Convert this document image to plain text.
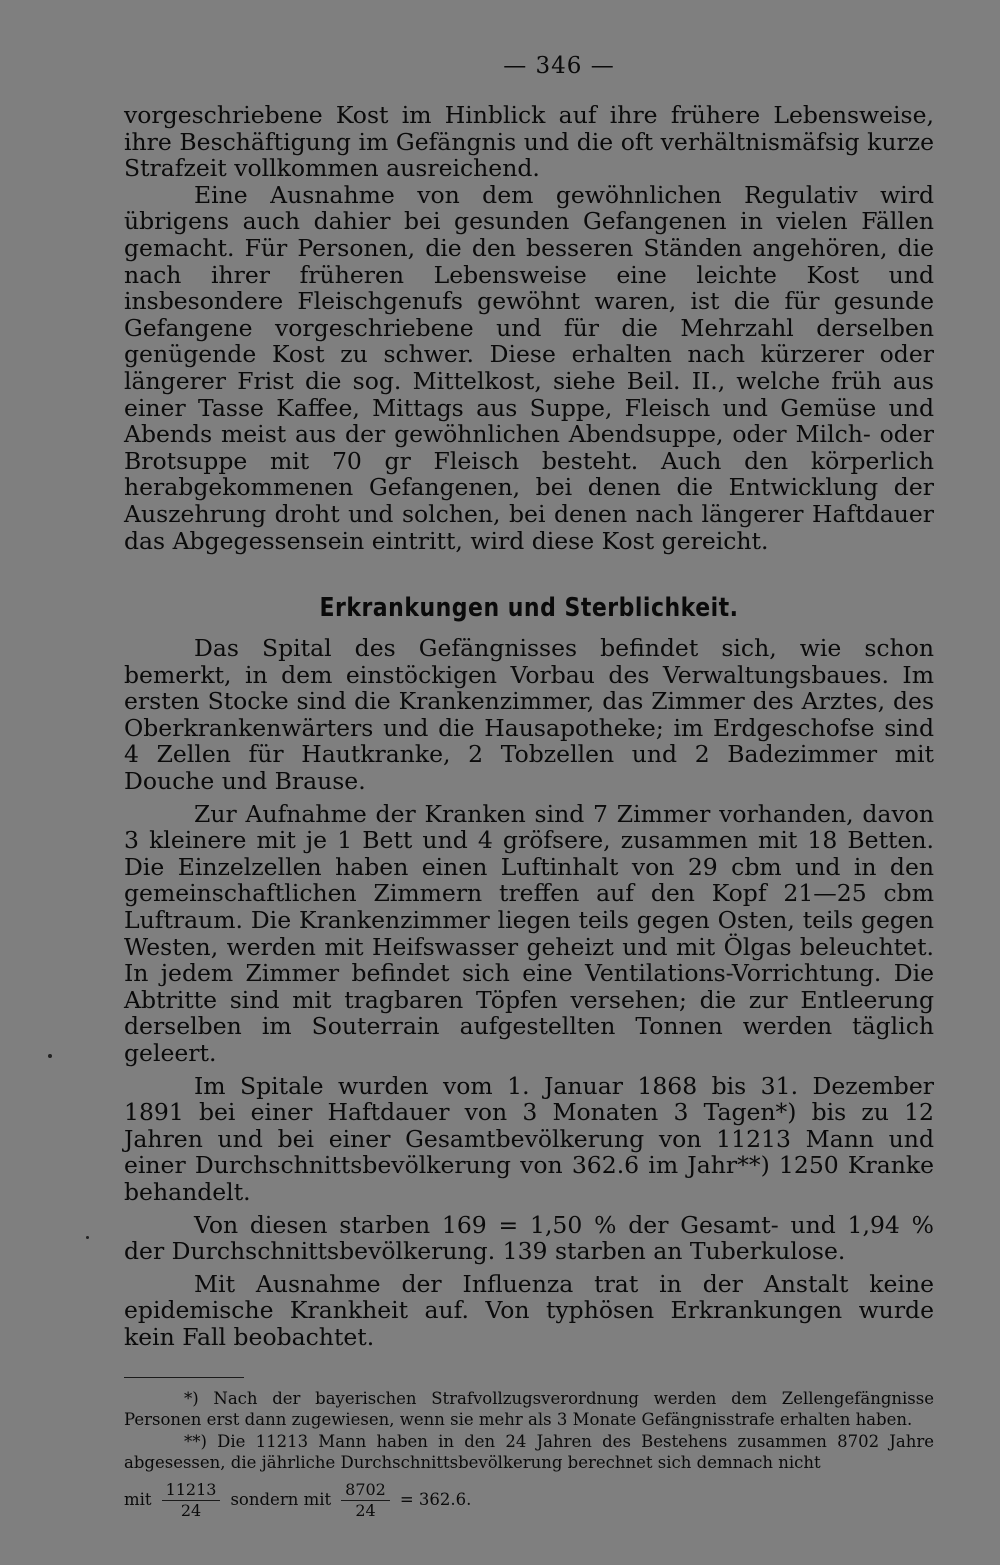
— 346 —

vorgeschriebene Kost im Hinblick auf ihre frühere Lebensweise, ihre Beschäftigung im Gefängnis und die oft verhältnismäfsig kurze Strafzeit vollkommen ausreichend.

Eine Ausnahme von dem gewöhnlichen Regulativ wird übrigens auch dahier bei gesunden Gefangenen in vielen Fällen gemacht. Für Personen, die den besseren Ständen angehören, die nach ihrer früheren Lebensweise eine leichte Kost und insbesondere Fleischgenufs gewöhnt waren, ist die für gesunde Gefangene vorgeschriebene und für die Mehrzahl derselben genügende Kost zu schwer. Diese erhalten nach kürzerer oder längerer Frist die sog. Mittelkost, siehe Beil. II., welche früh aus einer Tasse Kaffee, Mittags aus Suppe, Fleisch und Gemüse und Abends meist aus der gewöhnlichen Abendsuppe, oder Milch- oder Brotsuppe mit 70 gr Fleisch besteht. Auch den körperlich herabgekommenen Gefangenen, bei denen die Entwicklung der Auszehrung droht und solchen, bei denen nach längerer Haftdauer das Abgegessensein eintritt, wird diese Kost gereicht.

Erkrankungen und Sterblichkeit.

Das Spital des Gefängnisses befindet sich, wie schon bemerkt, in dem einstöckigen Vorbau des Verwaltungsbaues. Im ersten Stocke sind die Krankenzimmer, das Zimmer des Arztes, des Oberkrankenwärters und die Hausapotheke; im Erdgeschofse sind 4 Zellen für Hautkranke, 2 Tobzellen und 2 Badezimmer mit Douche und Brause.

Zur Aufnahme der Kranken sind 7 Zimmer vorhanden, davon 3 kleinere mit je 1 Bett und 4 gröfsere, zusammen mit 18 Betten. Die Einzelzellen haben einen Luftinhalt von 29 cbm und in den gemeinschaftlichen Zimmern treffen auf den Kopf 21—25 cbm Luftraum. Die Krankenzimmer liegen teils gegen Osten, teils gegen Westen, werden mit Heifswasser geheizt und mit Ölgas beleuchtet. In jedem Zimmer befindet sich eine Ventilations-Vorrichtung. Die Abtritte sind mit tragbaren Töpfen versehen; die zur Entleerung derselben im Souterrain aufgestellten Tonnen werden täglich geleert.

Im Spitale wurden vom 1. Januar 1868 bis 31. Dezember 1891 bei einer Haftdauer von 3 Monaten 3 Tagen*) bis zu 12 Jahren und bei einer Gesamtbevölkerung von 11213 Mann und einer Durchschnittsbevölkerung von 362.6 im Jahr**) 1250 Kranke behandelt.

Von diesen starben 169 = 1,50 % der Gesamt- und 1,94 % der Durchschnittsbevölkerung. 139 starben an Tuberkulose.

Mit Ausnahme der Influenza trat in der Anstalt keine epidemische Krankheit auf. Von typhösen Erkrankungen wurde kein Fall beobachtet.

*) Nach der bayerischen Strafvollzugsverordnung werden dem Zellengefängnisse Personen erst dann zugewiesen, wenn sie mehr als 3 Monate Gefängnisstrafe erhalten haben.

**) Die 11213 Mann haben in den 24 Jahren des Bestehens zusammen 8702 Jahre abgesessen, die jährliche Durchschnittsbevölkerung berechnet sich demnach nicht

mit $\frac{11213}{24}$ sondern mit $\frac{8702}{24} = 362.6$.
